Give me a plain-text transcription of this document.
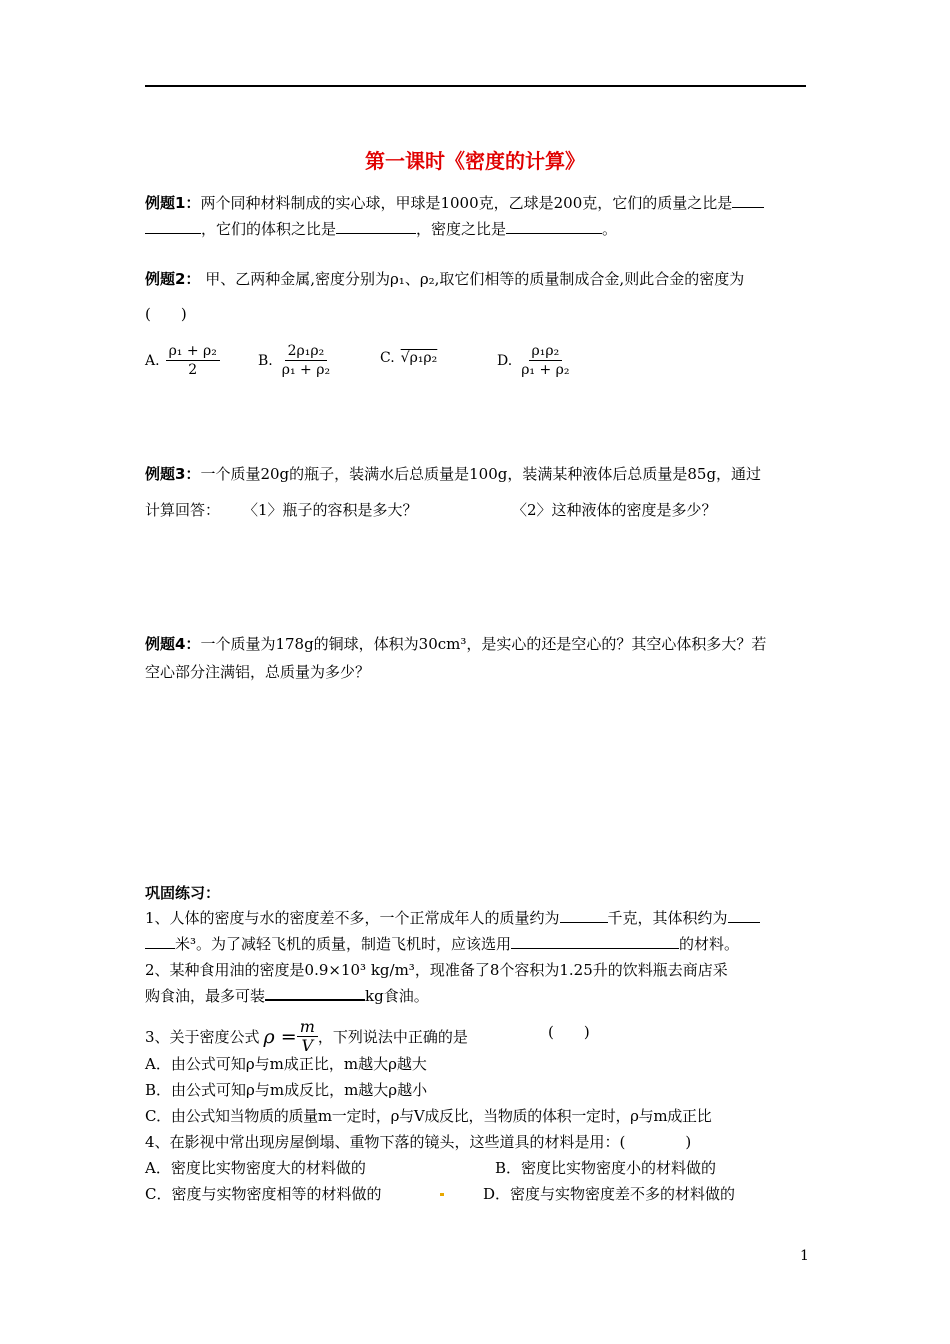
第一课时《密度的计算》
例题1：两个同种材料制成的实心球，甲球是1000克，乙球是200克，它们的质量之比是
，它们的体积之比是	，密度之比是	。
例题2： 甲、乙两种金属,密度分别为ρ₁、ρ₂,取它们相等的质量制成合金,则此合金的密度为
(　　)
A. $\frac{\text{ρ₁ + ρ₂}}{2}$	B. $\frac{\text{2ρ₁ρ₂}}{\text{ρ₁ + ρ₂}}$	C. √ρ₁ρ₂	D. $\frac{\text{ρ₁ρ₂}}{\text{ρ₁ + ρ₂}}$
例题3：一个质量20g的瓶子，装满水后总质量是100g，装满某种液体后总质量是85g，通过
计算回答： 〈1〉瓶子的容积是多大？	〈2〉这种液体的密度是多少？
例题4：一个质量为178g的铜球，体积为30cm³，是实心的还是空心的？其空心体积多大？若
空心部分注满铝，总质量为多少？
巩固练习：
1、人体的密度与水的密度差不多，一个正常成年人的质量约为	千克，其体积约为
米³。为了减轻飞机的质量，制造飞机时，应该选用	的材料。
2、某种食用油的密度是0.9×10³ kg/m³，现准备了8个容积为1.25升的饮料瓶去商店采
购食油，最多可装	kg食油。
3、关于密度公式 $\rho = \frac{m}{V}$ ，下列说法中正确的是	(　　)
A．由公式可知ρ与m成正比，m越大ρ越大
B．由公式可知ρ与m成反比，m越大ρ越小
C．由公式知当物质的质量m一定时，ρ与V成反比，当物质的体积一定时，ρ与m成正比
4、在影视中常出现房屋倒塌、重物下落的镜头，这些道具的材料是用：(　　　　)
A．密度比实物密度大的材料做的	B．密度比实物密度小的材料做的
C．密度与实物密度相等的材料做的	D．密度与实物密度差不多的材料做的
1
